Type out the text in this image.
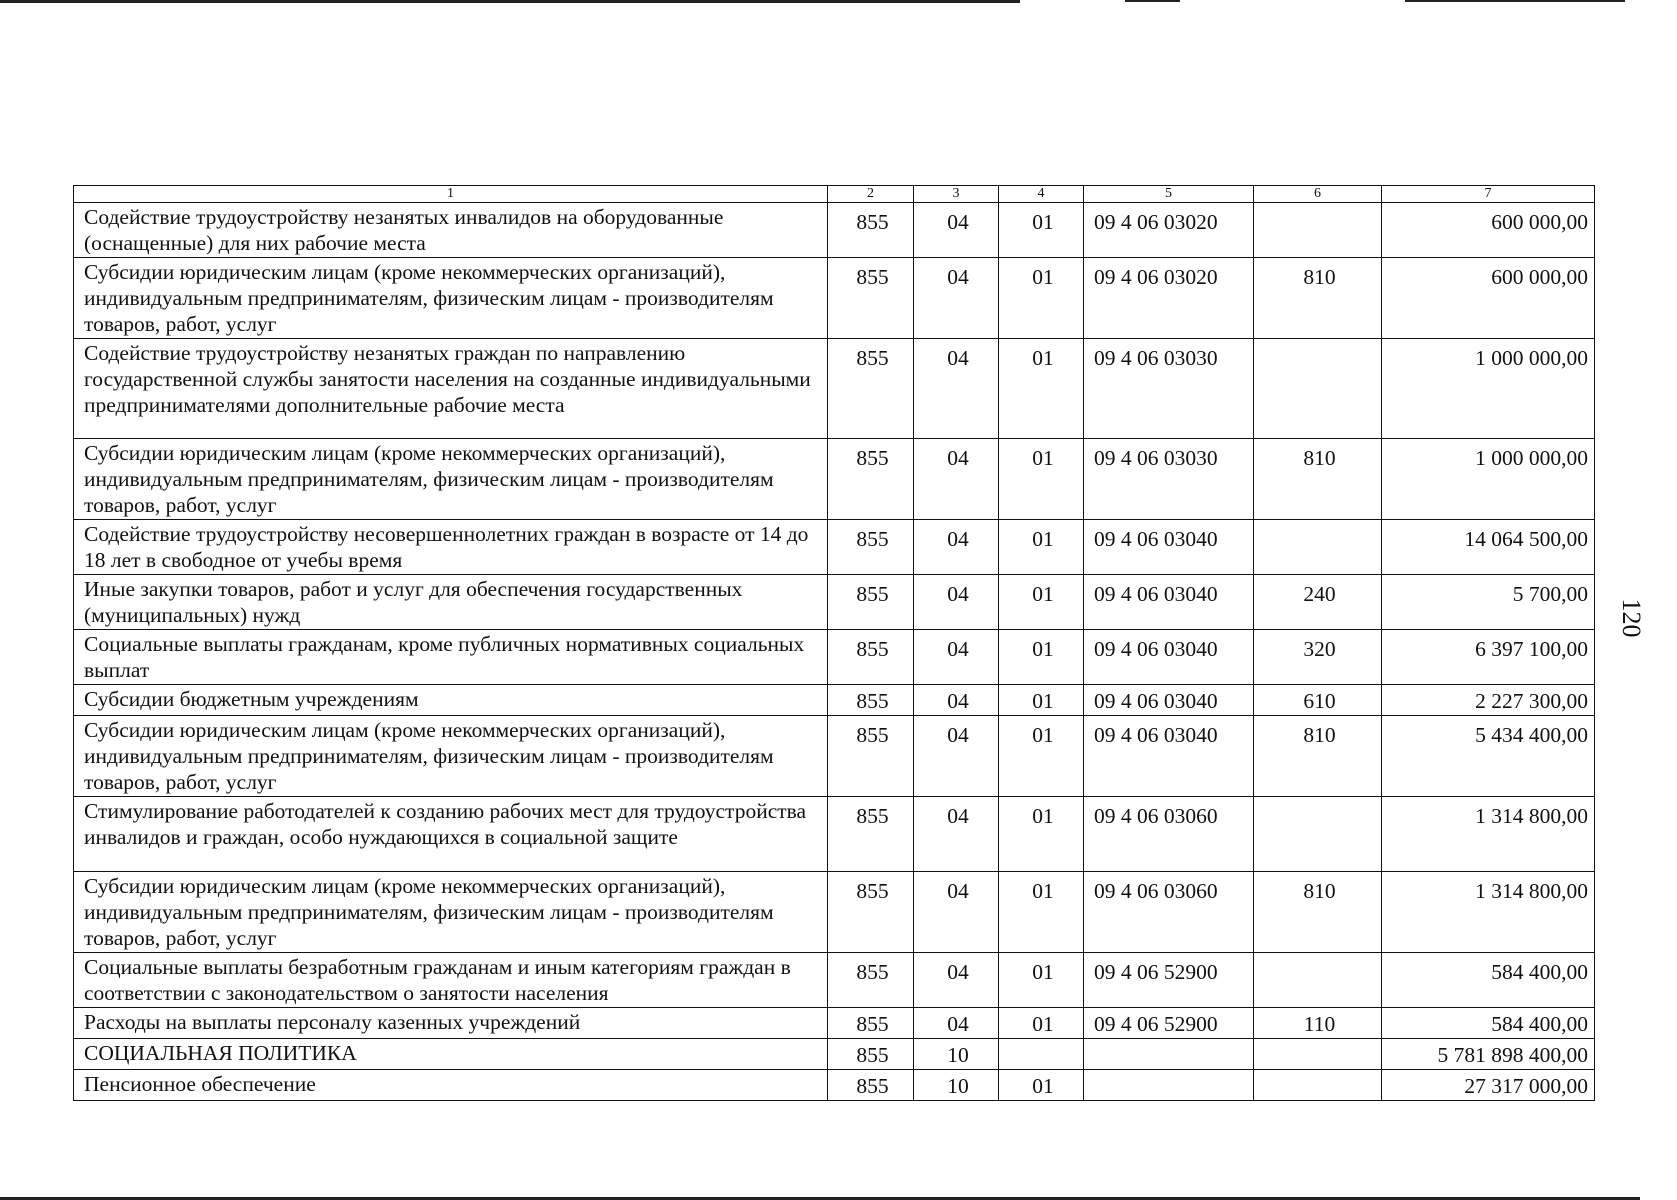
120
1	2	3	4	5	6	7
Содействие трудоустройству незанятых инвалидов на оборудованные (оснащенные) для них рабочие места	855	04	01	09 4 06 03020		600 000,00
Субсидии юридическим лицам (кроме некоммерческих организаций), индивидуальным предпринимателям, физическим лицам - производителям товаров, работ, услуг	855	04	01	09 4 06 03020	810	600 000,00
Содействие трудоустройству незанятых граждан по направлению государственной службы занятости населения на созданные индивидуальными предпринимателями дополнительные рабочие места	855	04	01	09 4 06 03030		1 000 000,00
Субсидии юридическим лицам (кроме некоммерческих организаций), индивидуальным предпринимателям, физическим лицам - производителям товаров, работ, услуг	855	04	01	09 4 06 03030	810	1 000 000,00
Содействие трудоустройству несовершеннолетних граждан в возрасте от 14 до 18 лет в свободное от учебы время	855	04	01	09 4 06 03040		14 064 500,00
Иные закупки товаров, работ и услуг для обеспечения государственных (муниципальных) нужд	855	04	01	09 4 06 03040	240	5 700,00
Социальные выплаты гражданам, кроме публичных нормативных социальных выплат	855	04	01	09 4 06 03040	320	6 397 100,00
Субсидии бюджетным учреждениям	855	04	01	09 4 06 03040	610	2 227 300,00
Субсидии юридическим лицам (кроме некоммерческих организаций), индивидуальным предпринимателям, физическим лицам - производителям товаров, работ, услуг	855	04	01	09 4 06 03040	810	5 434 400,00
Стимулирование работодателей к созданию рабочих мест для трудоустройства инвалидов и граждан, особо нуждающихся в социальной защите	855	04	01	09 4 06 03060		1 314 800,00
Субсидии юридическим лицам (кроме некоммерческих организаций), индивидуальным предпринимателям, физическим лицам - производителям товаров, работ, услуг	855	04	01	09 4 06 03060	810	1 314 800,00
Социальные выплаты безработным гражданам и иным категориям граждан в соответствии с законодательством о занятости населения	855	04	01	09 4 06 52900		584 400,00
Расходы на выплаты персоналу казенных учреждений	855	04	01	09 4 06 52900	110	584 400,00
СОЦИАЛЬНАЯ ПОЛИТИКА	855	10				5 781 898 400,00
Пенсионное обеспечение	855	10	01			27 317 000,00
